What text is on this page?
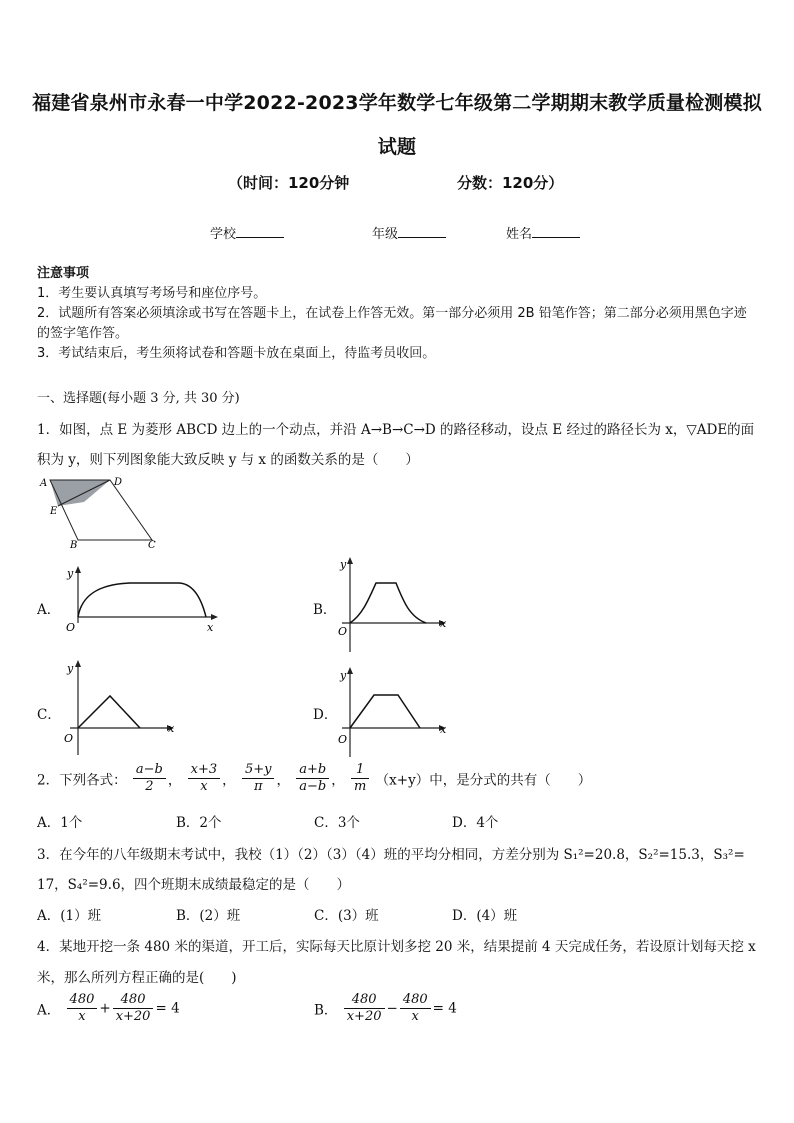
福建省泉州市永春一中学2022-2023学年数学七年级第二学期期末教学质量检测模拟
试题
（时间：120分钟	分数：120分）
学校	年级	姓名
注意事项
1．考生要认真填写考场号和座位序号。
2．试题所有答案必须填涂或书写在答题卡上，在试卷上作答无效。第一部分必须用 2B 铅笔作答；第二部分必须用黑色字迹的签字笔作答。
3．考试结束后，考生须将试卷和答题卡放在桌面上，待监考员收回。
一、选择题(每小题 3 分, 共 30 分)
1．如图，点 E 为菱形 ABCD 边上的一个动点，并沿 A→B→C→D 的路径移动，设点 E 经过的路径长为 x，▽ADE的面积为 y，则下列图象能大致反映 y 与 x 的函数关系的是（　　）
A	D
E
B	C
A．
y
O	x
B．
y
O
x
C．
y
O
x
D．
y
O
x
2．下列各式： $\frac{a-b}{2}$ ， $\frac{x+3}{x}$ ， $\frac{5+y}{\pi}$ ， $\frac{a+b}{a-b}$ ， $\frac{1}{m} (x+y)$中，是分式的共有（　　）
A．1个	B．2个	C．3个	D．4个
3．在今年的八年级期末考试中，我校（1）（2）（3）（4）班的平均分相同，方差分别为 S₁²=20.8，S₂²=15.3，S₃²=
17，S₄²=9.6，四个班期末成绩最稳定的是（　　）
A．(1）班	B．(2）班	C．(3）班	D．(4）班
4．某地开挖一条 480 米的渠道，开工后，实际每天比原计划多挖 20 米，结果提前 4 天完成任务，若设原计划每天挖 x
米，那么所列方程正确的是(　　)
A． $\frac{480}{x} + \frac{480}{x+20} = 4$	B． $\frac{480}{x+20} - \frac{480}{x} = 4$
